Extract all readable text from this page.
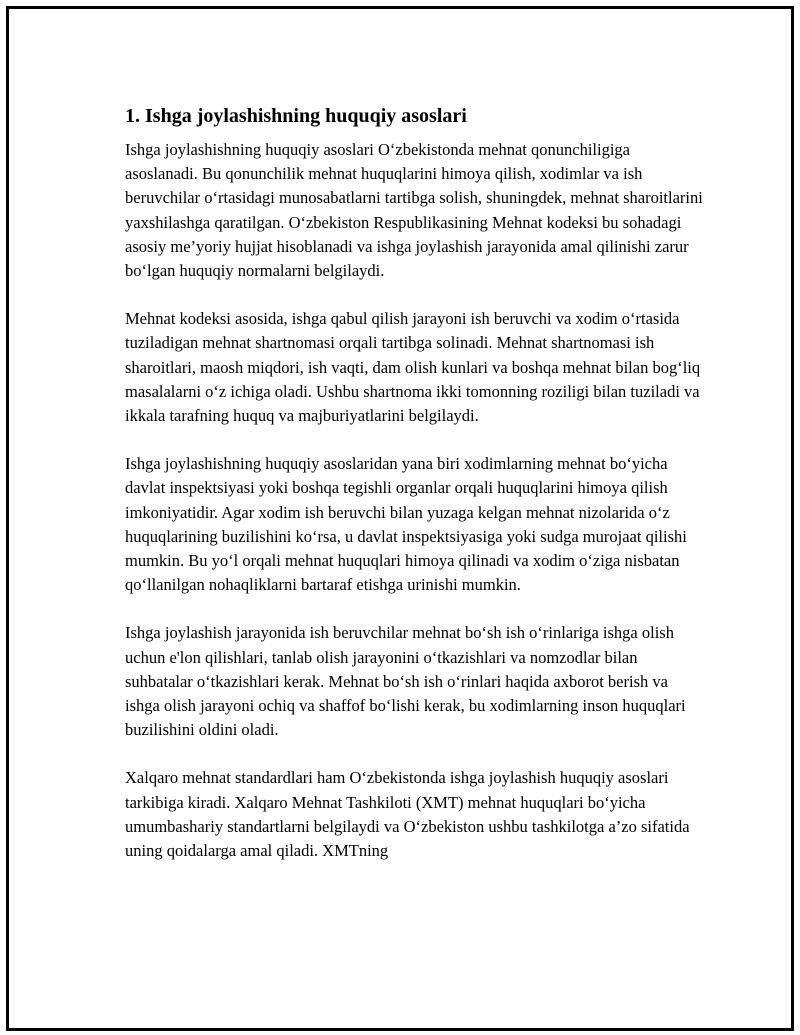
1. Ishga joylashishning huquqiy asoslari

Ishga joylashishning huquqiy asoslari O‘zbekistonda mehnat qonunchiligiga asoslanadi. Bu qonunchilik mehnat huquqlarini himoya qilish, xodimlar va ish beruvchilar o‘rtasidagi munosabatlarni tartibga solish, shuningdek, mehnat sharoitlarini yaxshilashga qaratilgan. O‘zbekiston Respublikasining Mehnat kodeksi bu sohadagi asosiy me’yoriy hujjat hisoblanadi va ishga joylashish jarayonida amal qilinishi zarur bo‘lgan huquqiy normalarni belgilaydi.

Mehnat kodeksi asosida, ishga qabul qilish jarayoni ish beruvchi va xodim o‘rtasida tuziladigan mehnat shartnomasi orqali tartibga solinadi. Mehnat shartnomasi ish sharoitlari, maosh miqdori, ish vaqti, dam olish kunlari va boshqa mehnat bilan bog‘liq masalalarni o‘z ichiga oladi. Ushbu shartnoma ikki tomonning roziligi bilan tuziladi va ikkala tarafning huquq va majburiyatlarini belgilaydi.

Ishga joylashishning huquqiy asoslaridan yana biri xodimlarning mehnat bo‘yicha davlat inspektsiyasi yoki boshqa tegishli organlar orqali huquqlarini himoya qilish imkoniyatidir. Agar xodim ish beruvchi bilan yuzaga kelgan mehnat nizolarida o‘z huquqlarining buzilishini ko‘rsa, u davlat inspektsiyasiga yoki sudga murojaat qilishi mumkin. Bu yo‘l orqali mehnat huquqlari himoya qilinadi va xodim o‘ziga nisbatan qo‘llanilgan nohaqliklarni bartaraf etishga urinishi mumkin.

Ishga joylashish jarayonida ish beruvchilar mehnat bo‘sh ish o‘rinlariga ishga olish uchun e'lon qilishlari, tanlab olish jarayonini o‘tkazishlari va nomzodlar bilan suhbatalar o‘tkazishlari kerak. Mehnat bo‘sh ish o‘rinlari haqida axborot berish va ishga olish jarayoni ochiq va shaffof bo‘lishi kerak, bu xodimlarning inson huquqlari buzilishini oldini oladi.

Xalqaro mehnat standardlari ham O‘zbekistonda ishga joylashish huquqiy asoslari tarkibiga kiradi. Xalqaro Mehnat Tashkiloti (XMT) mehnat huquqlari bo‘yicha umumbashariy standartlarni belgilaydi va O‘zbekiston ushbu tashkilotga a’zo sifatida uning qoidalarga amal qiladi. XMTning
